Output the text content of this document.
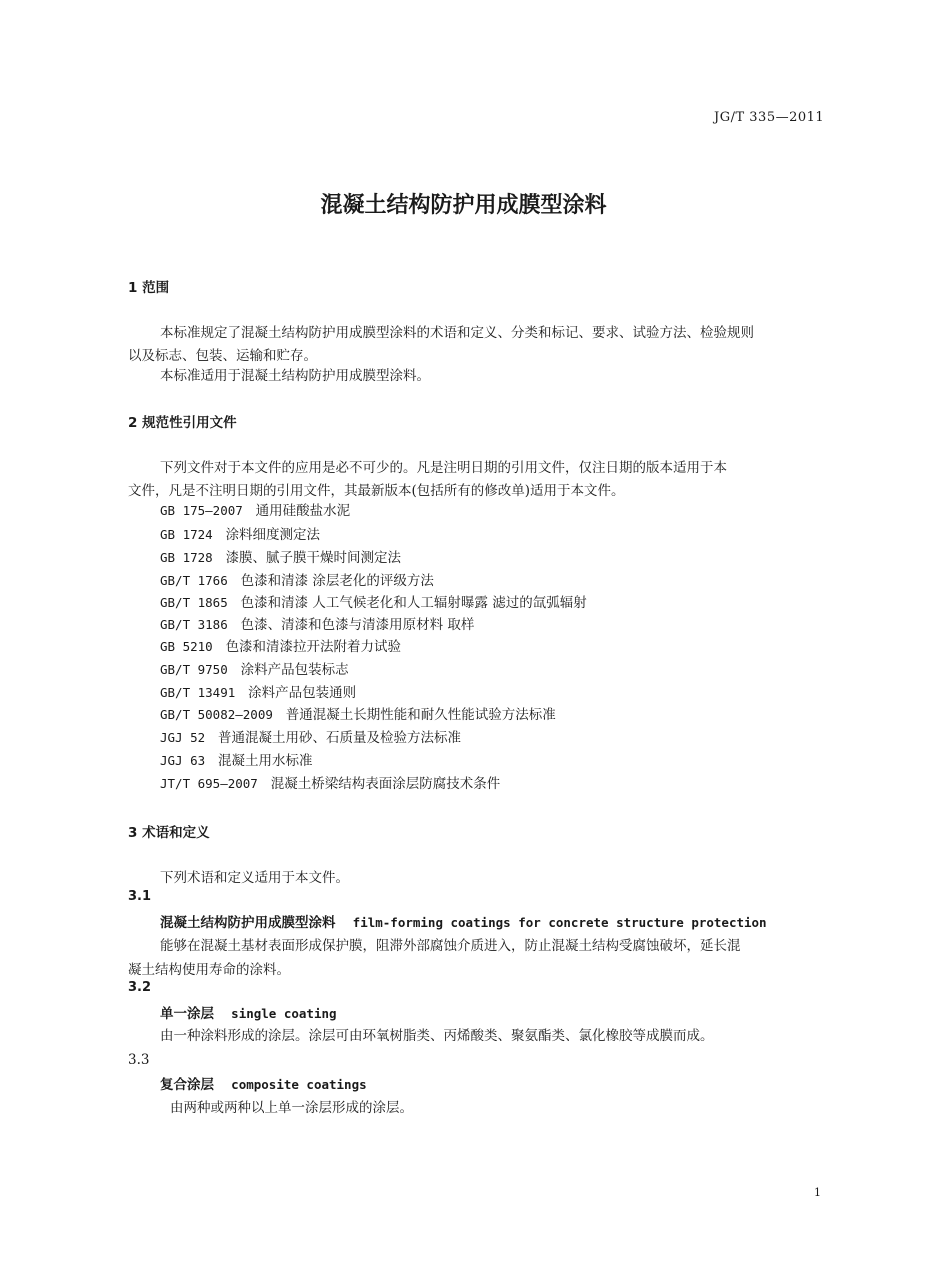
JG/T 335—2011
混凝土结构防护用成膜型涂料
1 范围

本标准规定了混凝土结构防护用成膜型涂料的术语和定义、分类和标记、要求、试验方法、检验规则

以及标志、包装、运输和贮存。

本标准适用于混凝土结构防护用成膜型涂料。

2 规范性引用文件

下列文件对于本文件的应用是必不可少的。凡是注明日期的引用文件，仅注日期的版本适用于本

文件，凡是不注明日期的引用文件，其最新版本(包括所有的修改单)适用于本文件。

GB 175—2007 通用硅酸盐水泥
GB 1724 涂料细度测定法
GB 1728 漆膜、腻子膜干燥时间测定法
GB/T 1766 色漆和清漆 涂层老化的评级方法
GB/T 1865 色漆和清漆 人工气候老化和人工辐射曝露 滤过的氙弧辐射
GB/T 3186 色漆、清漆和色漆与清漆用原材料 取样
GB 5210 色漆和清漆拉开法附着力试验
GB/T 9750 涂料产品包装标志
GB/T 13491 涂料产品包装通则
GB/T 50082—2009 普通混凝土长期性能和耐久性能试验方法标准
JGJ 52 普通混凝土用砂、石质量及检验方法标准
JGJ 63 混凝土用水标准
JT/T 695—2007 混凝土桥梁结构表面涂层防腐技术条件
3 术语和定义

下列术语和定义适用于本文件。

3.1
混凝土结构防护用成膜型涂料 film-forming coatings for concrete structure protection

能够在混凝土基材表面形成保护膜，阻滞外部腐蚀介质进入，防止混凝土结构受腐蚀破坏，延长混

凝土结构使用寿命的涂料。

3.2
单一涂层 single coating

由一种涂料形成的涂层。涂层可由环氧树脂类、丙烯酸类、聚氨酯类、氯化橡胶等成膜而成。

3.3
复合涂层 composite coatings

由两种或两种以上单一涂层形成的涂层。

1
